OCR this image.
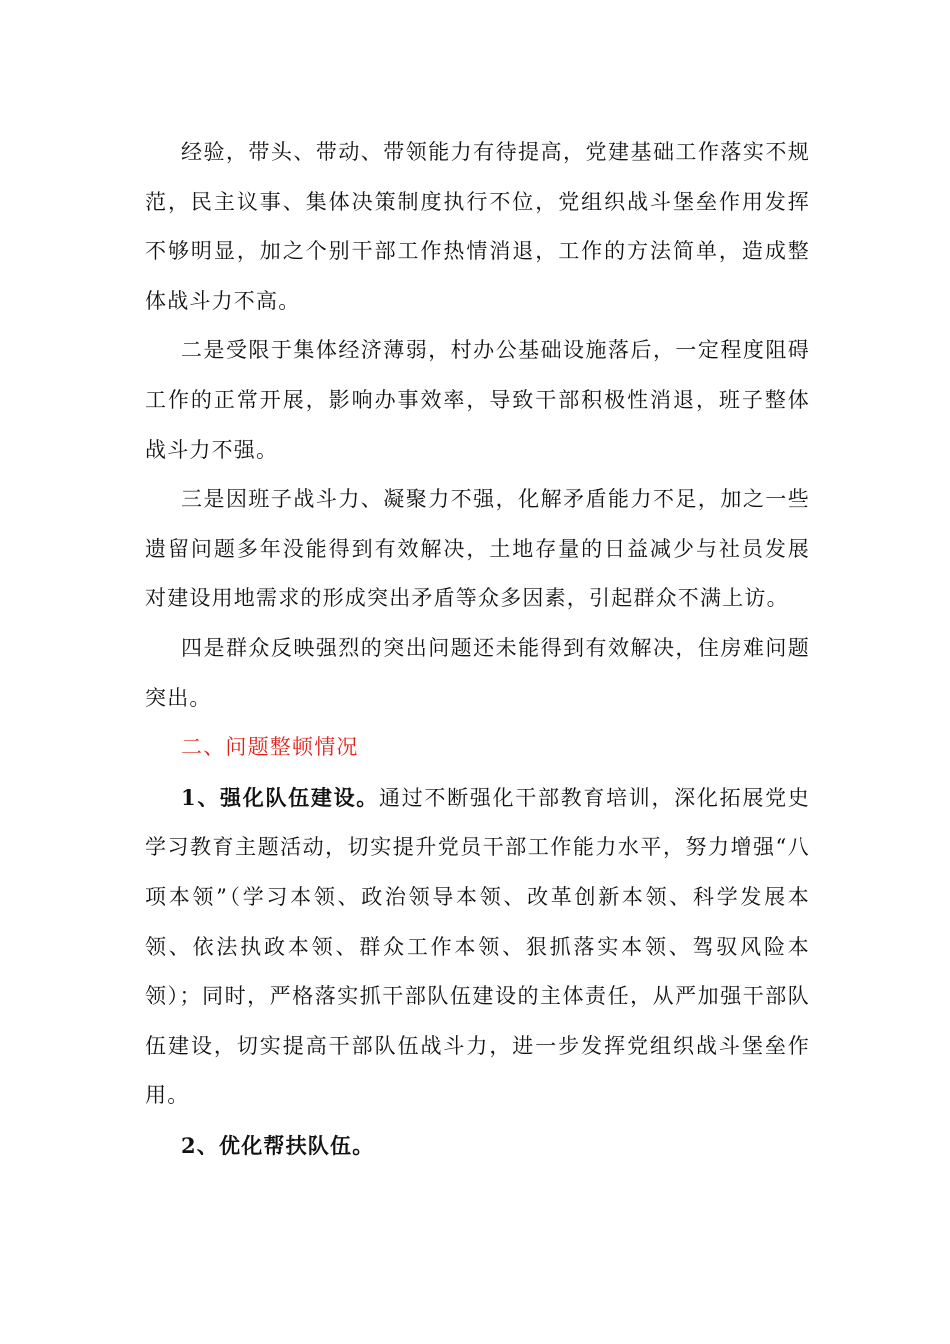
经验，带头、带动、带领能力有待提高，党建基础工作落实不规范，民主议事、集体决策制度执行不位，党组织战斗堡垒作用发挥不够明显，加之个别干部工作热情消退，工作的方法简单，造成整体战斗力不高。

二是受限于集体经济薄弱，村办公基础设施落后，一定程度阻碍工作的正常开展，影响办事效率，导致干部积极性消退，班子整体战斗力不强。

三是因班子战斗力、凝聚力不强，化解矛盾能力不足，加之一些遗留问题多年没能得到有效解决，土地存量的日益减少与社员发展对建设用地需求的形成突出矛盾等众多因素，引起群众不满上访。

四是群众反映强烈的突出问题还未能得到有效解决，住房难问题突出。

二、问题整顿情况

1、强化队伍建设。通过不断强化干部教育培训，深化拓展党史学习教育主题活动，切实提升党员干部工作能力水平，努力增强“八项本领”（学习本领、政治领导本领、改革创新本领、科学发展本领、依法执政本领、群众工作本领、狠抓落实本领、驾驭风险本领）；同时，严格落实抓干部队伍建设的主体责任，从严加强干部队伍建设，切实提高干部队伍战斗力，进一步发挥党组织战斗堡垒作用。

2、优化帮扶队伍。
